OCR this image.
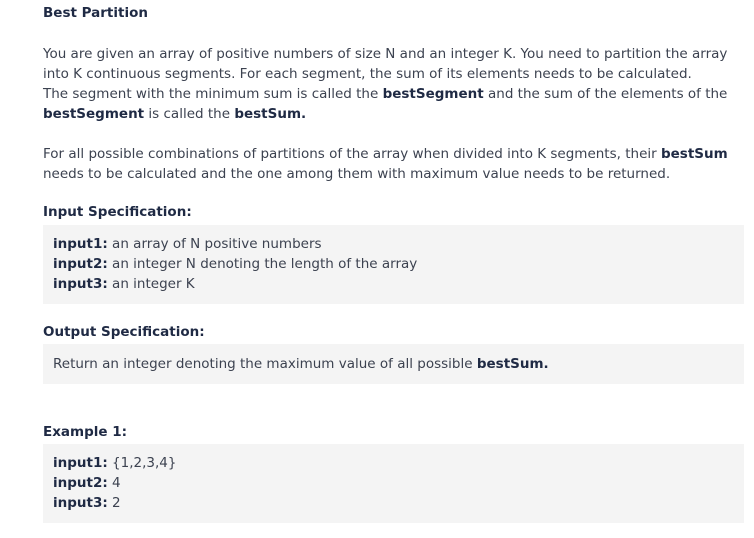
Best Partition
You are given an array of positive numbers of size N and an integer K. You need to partition the array into K continuous segments. For each segment, the sum of its elements needs to be calculated.
The segment with the minimum sum is called the bestSegment and the sum of the elements of the
bestSegment is called the bestSum.
For all possible combinations of partitions of the array when divided into K segments, their bestSum needs to be calculated and the one among them with maximum value needs to be returned.
Input Specification:
input1: an array of N positive numbers
input2: an integer N denoting the length of the array
input3: an integer K
Output Specification:
Return an integer denoting the maximum value of all possible bestSum.
Example 1:
input1: {1,2,3,4}
input2: 4
input3: 2
